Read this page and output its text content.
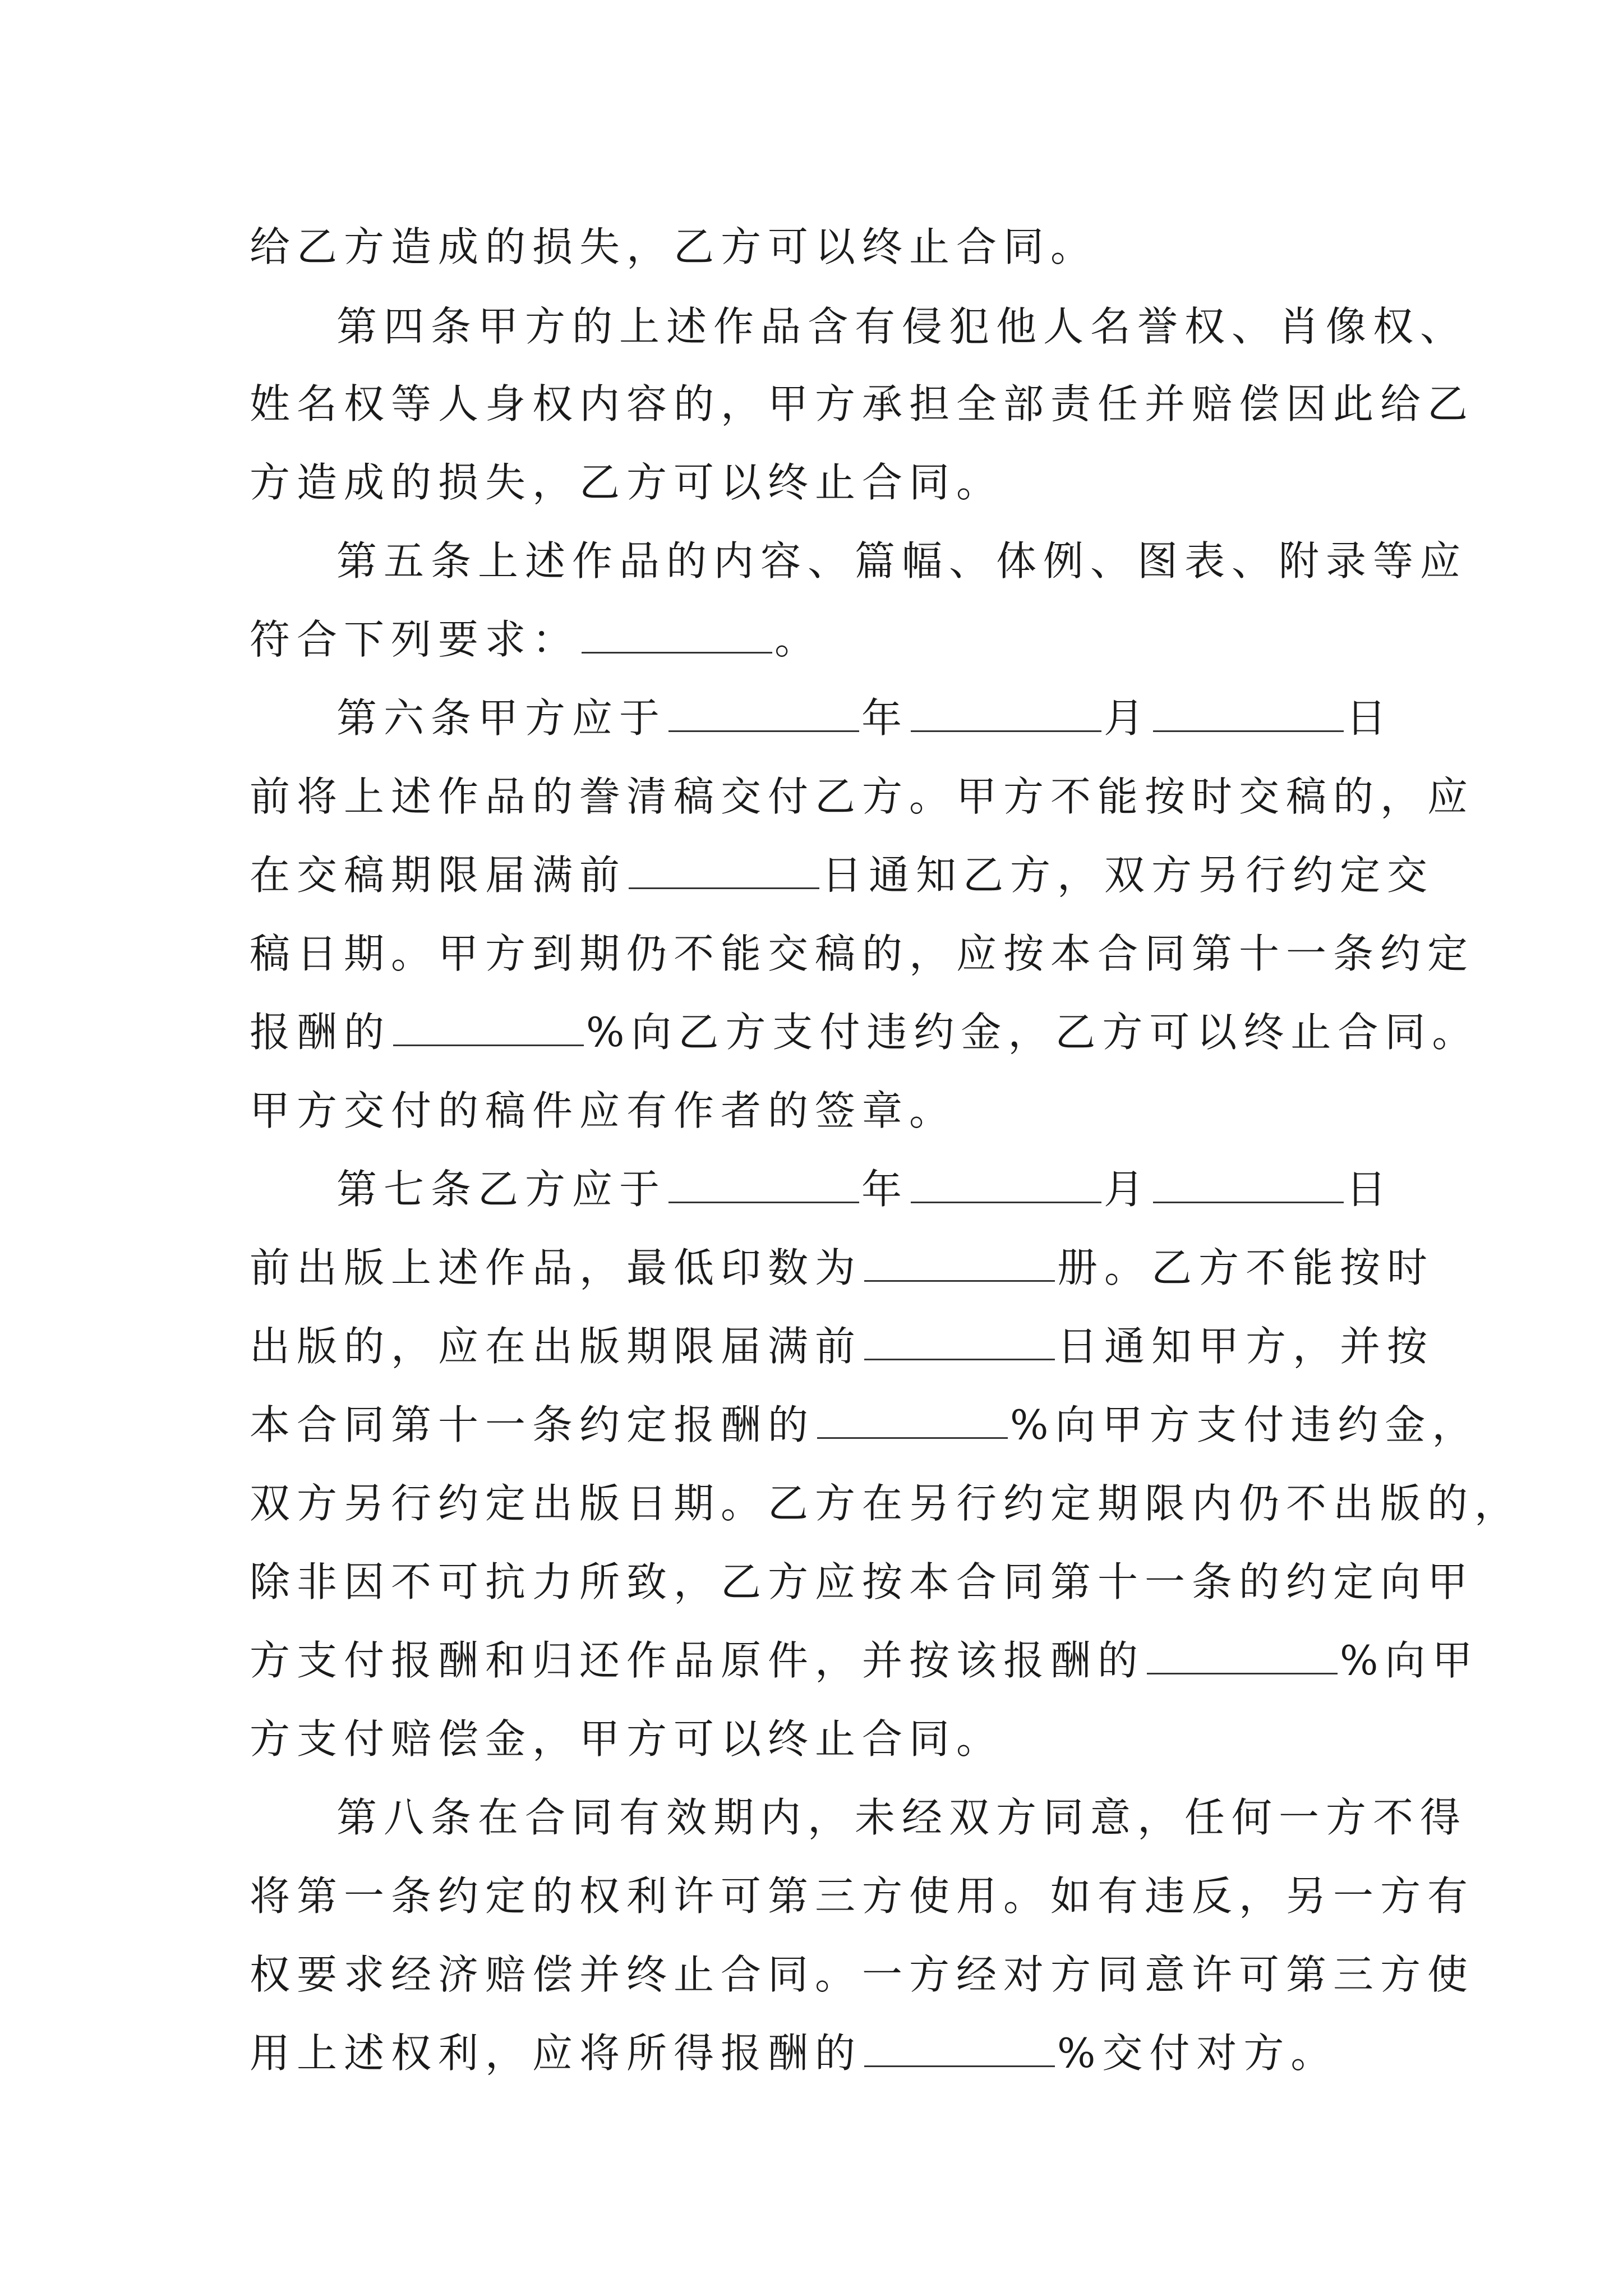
给乙方造成的损失，乙方可以终止合同。
第四条甲方的上述作品含有侵犯他人名誉权、肖像权、
姓名权等人身权内容的，甲方承担全部责任并赔偿因此给乙
方造成的损失，乙方可以终止合同。
第五条上述作品的内容、篇幅、体例、图表、附录等应
符合下列要求：	。
第六条甲方应于	年	月	日
前将上述作品的誊清稿交付乙方。甲方不能按时交稿的，应
在交稿期限届满前	日通知乙方，双方另行约定交
稿日期。甲方到期仍不能交稿的，应按本合同第十一条约定
报酬的	%向乙方支付违约金，乙方可以终止合同。
甲方交付的稿件应有作者的签章。
第七条乙方应于	年	月	日
前出版上述作品，最低印数为	册。乙方不能按时
出版的，应在出版期限届满前	日通知甲方，并按
本合同第十一条约定报酬的	%向甲方支付违约金，
双方另行约定出版日期。乙方在另行约定期限内仍不出版的，
除非因不可抗力所致，乙方应按本合同第十一条的约定向甲
方支付报酬和归还作品原件，并按该报酬的	%向甲
方支付赔偿金，甲方可以终止合同。
第八条在合同有效期内，未经双方同意，任何一方不得
将第一条约定的权利许可第三方使用。如有违反，另一方有
权要求经济赔偿并终止合同。一方经对方同意许可第三方使
用上述权利，应将所得报酬的	%交付对方。
